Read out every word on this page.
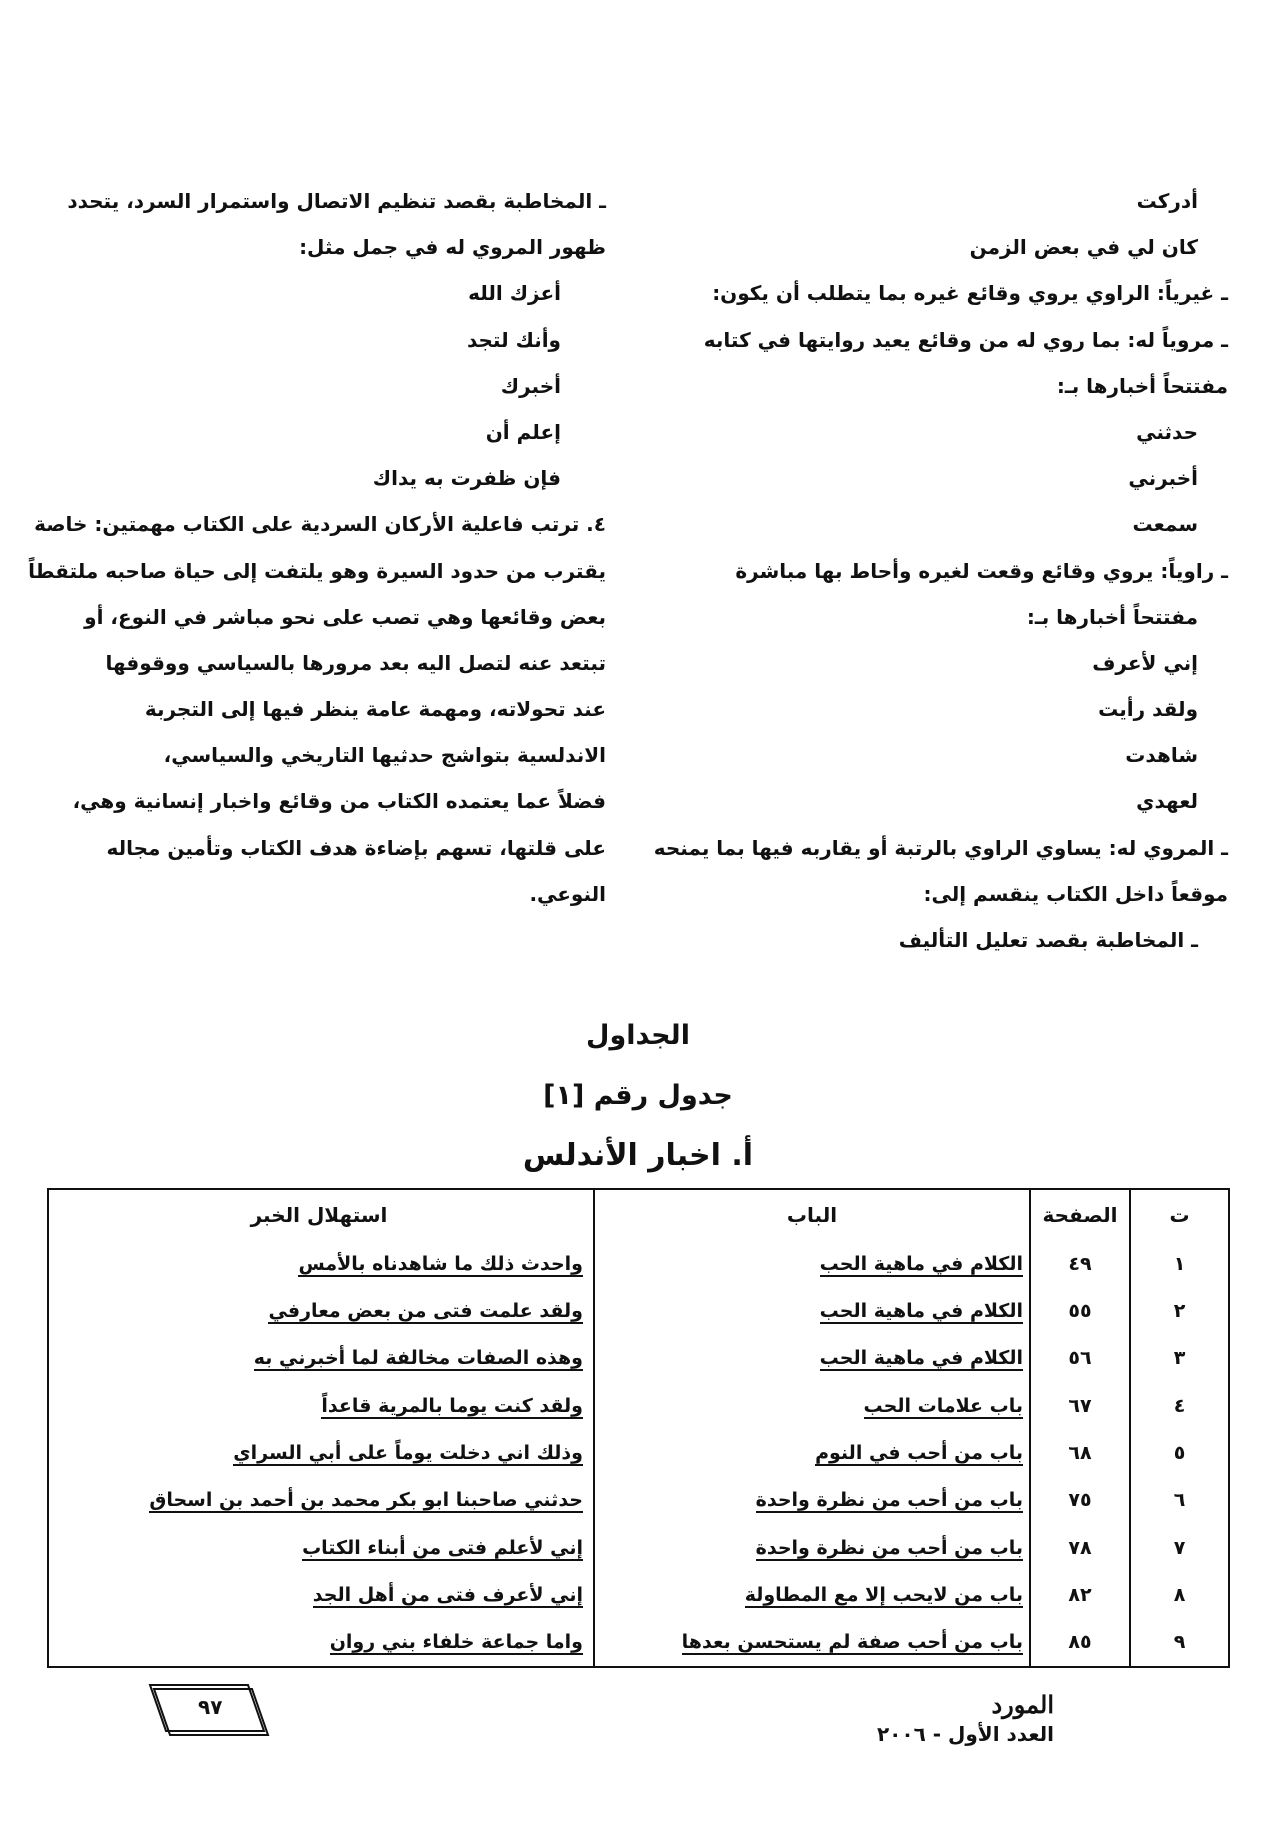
أدركت
كان لي في بعض الزمن
ـ غيرياً: الراوي يروي وقائع غيره بما يتطلب أن يكون:
ـ مروياً له: بما روي له من وقائع يعيد روايتها في كتابه
مفتتحاً أخبارها بـ:
حدثني
أخبرني
سمعت
ـ راوياً: يروي وقائع وقعت لغيره وأحاط بها مباشرة
مفتتحاً أخبارها بـ:
إني لأعرف
ولقد رأيت
شاهدت
لعهدي
ـ المروي له: يساوي الراوي بالرتبة أو يقاربه فيها بما يمنحه
موقعاً داخل الكتاب ينقسم إلى:
ـ المخاطبة بقصد تعليل التأليف
ـ المخاطبة بقصد تنظيم الاتصال واستمرار السرد، يتحدد
ظهور المروي له في جمل مثل:
أعزك الله
وأنك لتجد
أخبرك
إعلم أن
فإن ظفرت به يداك
٤. ترتب فاعلية الأركان السردية على الكتاب مهمتين: خاصة
يقترب من حدود السيرة وهو يلتفت إلى حياة صاحبه ملتقطاً
بعض وقائعها وهي تصب على نحو مباشر في النوع، أو
تبتعد عنه لتصل اليه بعد مرورها بالسياسي ووقوفها
عند تحولاته، ومهمة عامة ينظر فيها إلى التجربة
الاندلسية بتواشج حدثيها التاريخي والسياسي،
فضلاً عما يعتمده الكتاب من وقائع واخبار إنسانية وهي،
على قلتها، تسهم بإضاءة هدف الكتاب وتأمين مجاله
النوعي.
الجداول
جدول رقم [١]
أ. اخبار الأندلس
ت	الصفحة	الباب	استهلال الخبر
١	٤٩	الكلام في ماهية الحب	واحدث ذلك ما شاهدناه بالأمس
٢	٥٥	الكلام في ماهية الحب	ولقد علمت فتى من بعض معارفي
٣	٥٦	الكلام في ماهية الحب	وهذه الصفات مخالفة لما أخبرني به
٤	٦٧	باب علامات الحب	ولقد كنت يوما بالمرية قاعداً
٥	٦٨	باب من أحب في النوم	وذلك اني دخلت يوماً على أبي السراي
٦	٧٥	باب من أحب من نظرة واحدة	حدثني صاحبنا ابو بكر محمد بن أحمد بن اسحاق
٧	٧٨	باب من أحب من نظرة واحدة	إني لأعلم فتى من أبناء الكتاب
٨	٨٢	باب من لايحب إلا مع المطاولة	إني لأعرف فتى من أهل الجد
٩	٨٥	باب من أحب صفة لم يستحسن بعدها	واما جماعة خلفاء بني روان
٩٧	المورد
العدد الأول - ٢٠٠٦
